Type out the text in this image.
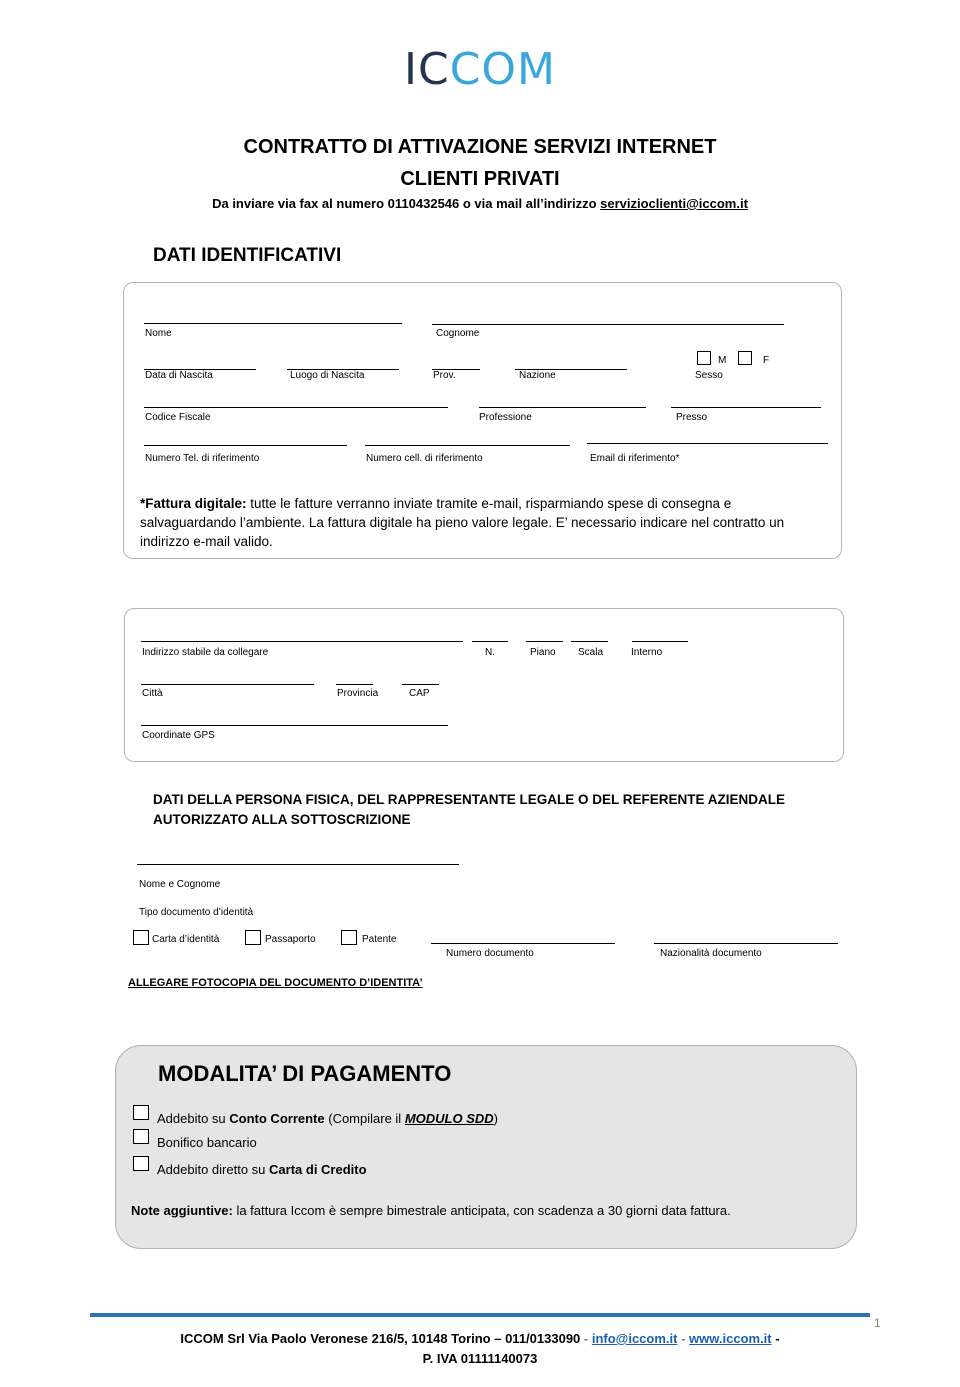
ICCOM
CONTRATTO DI ATTIVAZIONE SERVIZI INTERNET
CLIENTI PRIVATI
Da inviare via fax al numero 0110432546 o via mail all’indirizzo servizioclienti@iccom.it
DATI IDENTIFICATIVI
Nome	Cognome
Data di Nascita	Luogo di Nascita	Prov.	Nazione
M	F
Sesso
Codice Fiscale	Professione	Presso
Numero Tel. di riferimento	Numero cell. di riferimento	Email di riferimento*
*Fattura digitale: tutte le fatture verranno inviate tramite e-mail, risparmiando spese di consegna e salvaguardando l’ambiente. La fattura digitale ha pieno valore legale. E’ necessario indicare nel contratto un indirizzo e-mail valido.
Indirizzo stabile da collegare	N.	Piano Scala	Interno
Città	Provincia	CAP
Coordinate GPS
DATI DELLA PERSONA FISICA, DEL RAPPRESENTANTE LEGALE O DEL REFERENTE AZIENDALE
AUTORIZZATO ALLA SOTTOSCRIZIONE
Nome e Cognome
Tipo documento d’identità
Carta d’identità	Passaporto	Patente
Numero documento	Nazionalità documento
ALLEGARE FOTOCOPIA DEL DOCUMENTO D’IDENTITA’
MODALITA’ DI PAGAMENTO
Addebito su Conto Corrente (Compilare il MODULO SDD)
Bonifico bancario
Addebito diretto su Carta di Credito
Note aggiuntive: la fattura Iccom è sempre bimestrale anticipata, con scadenza a 30 giorni data fattura.
1
ICCOM Srl Via Paolo Veronese 216/5, 10148 Torino – 011/0133090 - info@iccom.it - www.iccom.it -
P. IVA 01111140073
